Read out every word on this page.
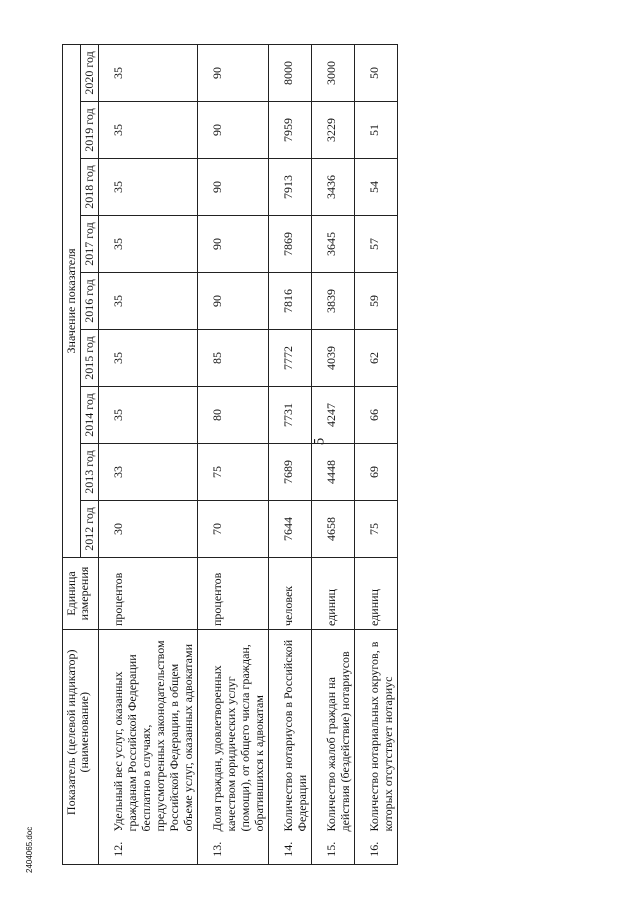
5
	Показатель (целевой индикатор) (наименование)	Единица измерения	Значение показателя								
			2012 год	2013 год	2014 год	2015 год	2016 год	2017 год	2018 год	2019 год	2020 год
12.	Удельный вес услуг, оказанных гражданам Российской Федерации бесплатно в случаях, предусмотренных законодательством Российской Федерации, в общем объеме услуг, оказанных адвокатами	процентов	30	33	35	35	35	35	35	35	35
13.	Доля граждан, удовлетворенных качеством юридических услуг (помощи), от общего числа граждан, обратившихся к адвокатам	процентов	70	75	80	85	90	90	90	90	90
14.	Количество нотариусов в Российской Федерации	человек	7644	7689	7731	7772	7816	7869	7913	7959	8000
15.	Количество жалоб граждан на действия (бездействие) нотариусов	единиц	4658	4448	4247	4039	3839	3645	3436	3229	3000
16.	Количество нотариальных округов, в которых отсутствует нотариус	единиц	75	69	66	62	59	57	54	51	50
2404065.doc
